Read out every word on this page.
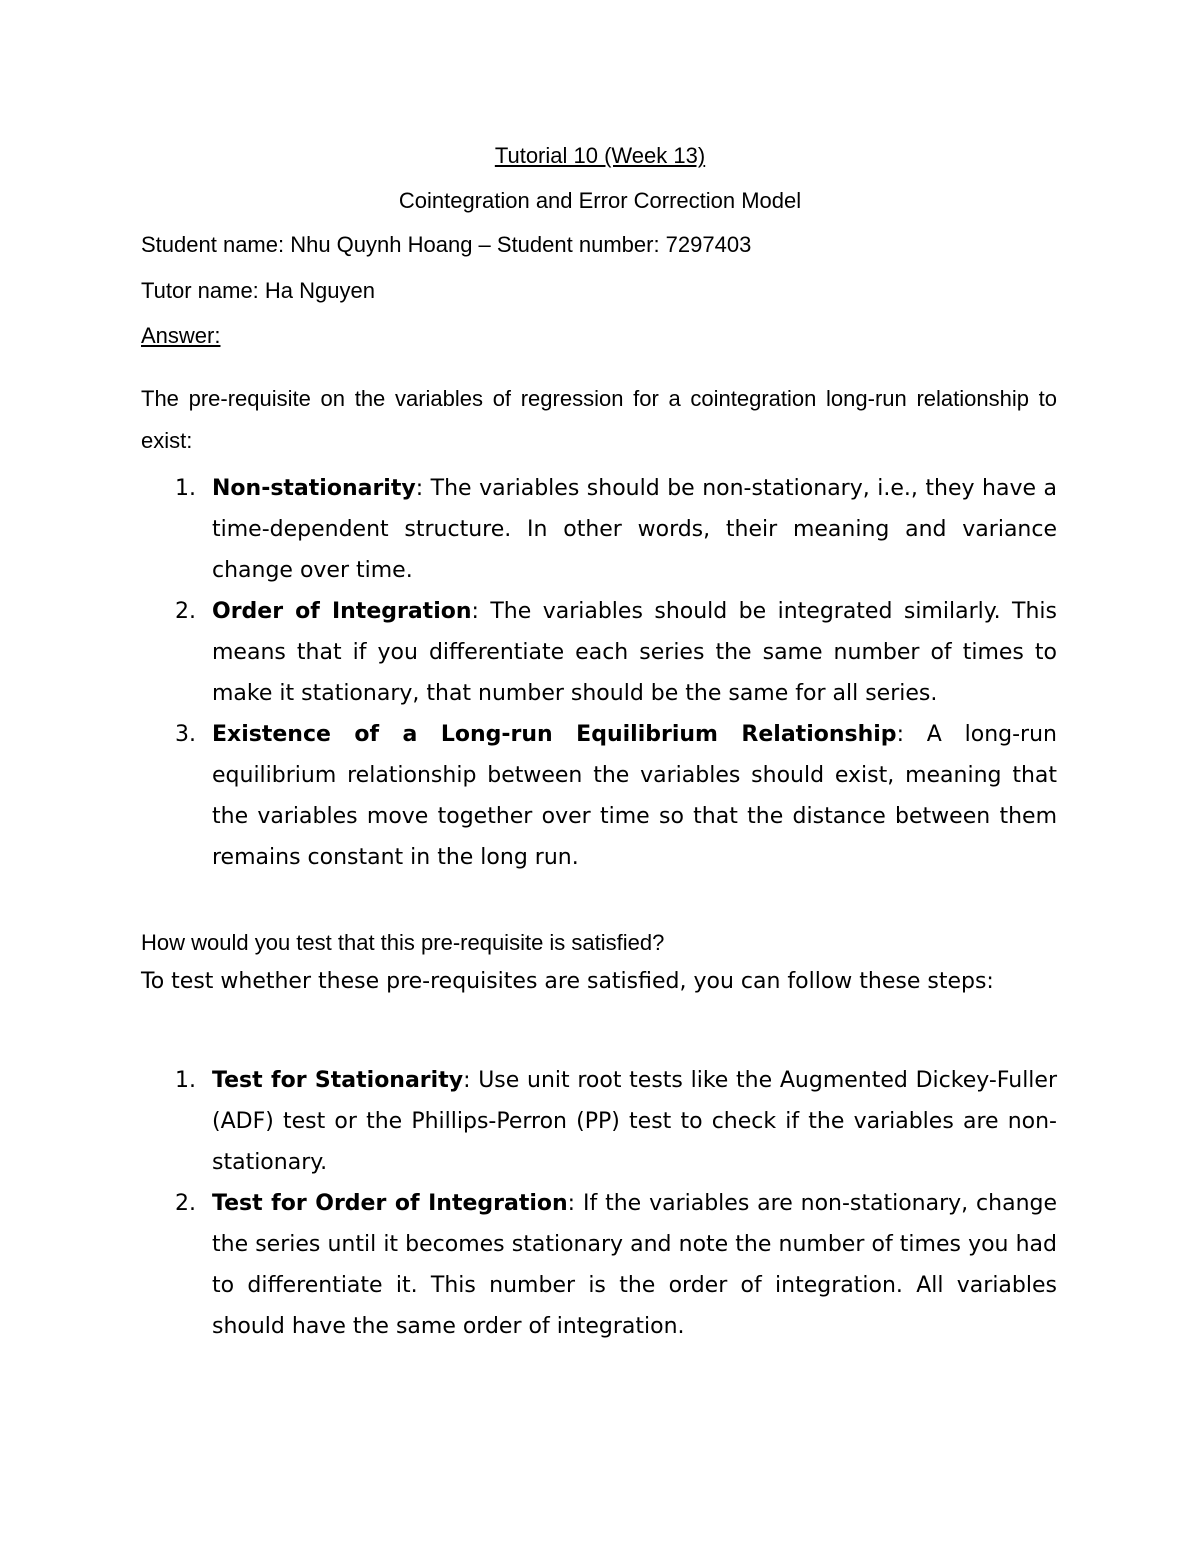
Tutorial 10 (Week 13)
Cointegration and Error Correction Model
Student name: Nhu Quynh Hoang – Student number: 7297403
Tutor name: Ha Nguyen
Answer:
The pre-requisite on the variables of regression for a cointegration long-run relationship to exist:
1. Non-stationarity: The variables should be non-stationary, i.e., they have a time-dependent structure. In other words, their meaning and variance change over time.
2. Order of Integration: The variables should be integrated similarly. This means that if you differentiate each series the same number of times to make it stationary, that number should be the same for all series.
3. Existence of a Long-run Equilibrium Relationship: A long-run equilibrium relationship between the variables should exist, meaning that the variables move together over time so that the distance between them remains constant in the long run.
How would you test that this pre-requisite is satisfied?
To test whether these pre-requisites are satisfied, you can follow these steps:
1. Test for Stationarity: Use unit root tests like the Augmented Dickey-Fuller (ADF) test or the Phillips-Perron (PP) test to check if the variables are non-stationary.
2. Test for Order of Integration: If the variables are non-stationary, change the series until it becomes stationary and note the number of times you had to differentiate it. This number is the order of integration. All variables should have the same order of integration.
